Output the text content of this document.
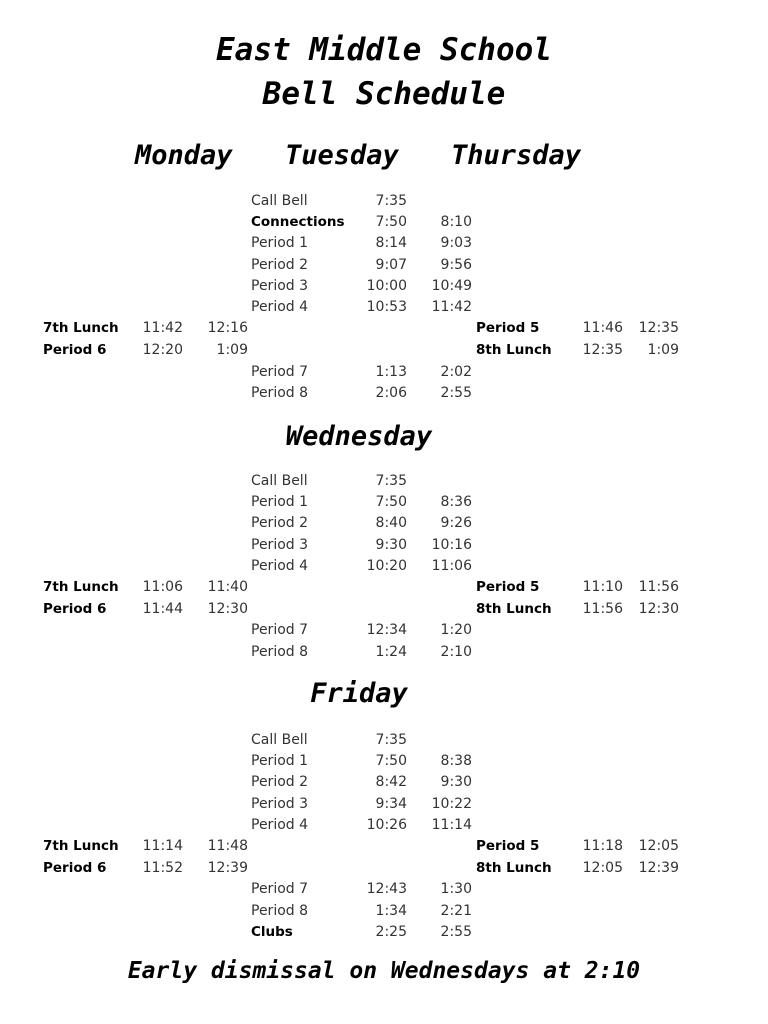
East Middle School
Bell Schedule
Monday Tuesday Thursday
Call Bell	7:35
Connections	7:50	8:10
Period 1	8:14	9:03
Period 2	9:07	9:56
Period 3	10:00	10:49
Period 4	10:53	11:42
7th Lunch	11:42	12:16
Period 6	12:20	1:09
Period 5	11:46	12:35
8th Lunch	12:35	1:09
Period 7	1:13	2:02
Period 8	2:06	2:55
Wednesday
Call Bell	7:35
Period 1	7:50	8:36
Period 2	8:40	9:26
Period 3	9:30	10:16
Period 4	10:20	11:06
7th Lunch	11:06	11:40
Period 6	11:44	12:30
Period 5	11:10	11:56
8th Lunch	11:56	12:30
Period 7	12:34	1:20
Period 8	1:24	2:10
Friday
Call Bell	7:35
Period 1	7:50	8:38
Period 2	8:42	9:30
Period 3	9:34	10:22
Period 4	10:26	11:14
7th Lunch	11:14	11:48
Period 6	11:52	12:39
Period 5	11:18	12:05
8th Lunch	12:05	12:39
Period 7	12:43	1:30
Period 8	1:34	2:21
Clubs	2:25	2:55
Early dismissal on Wednesdays at 2:10
